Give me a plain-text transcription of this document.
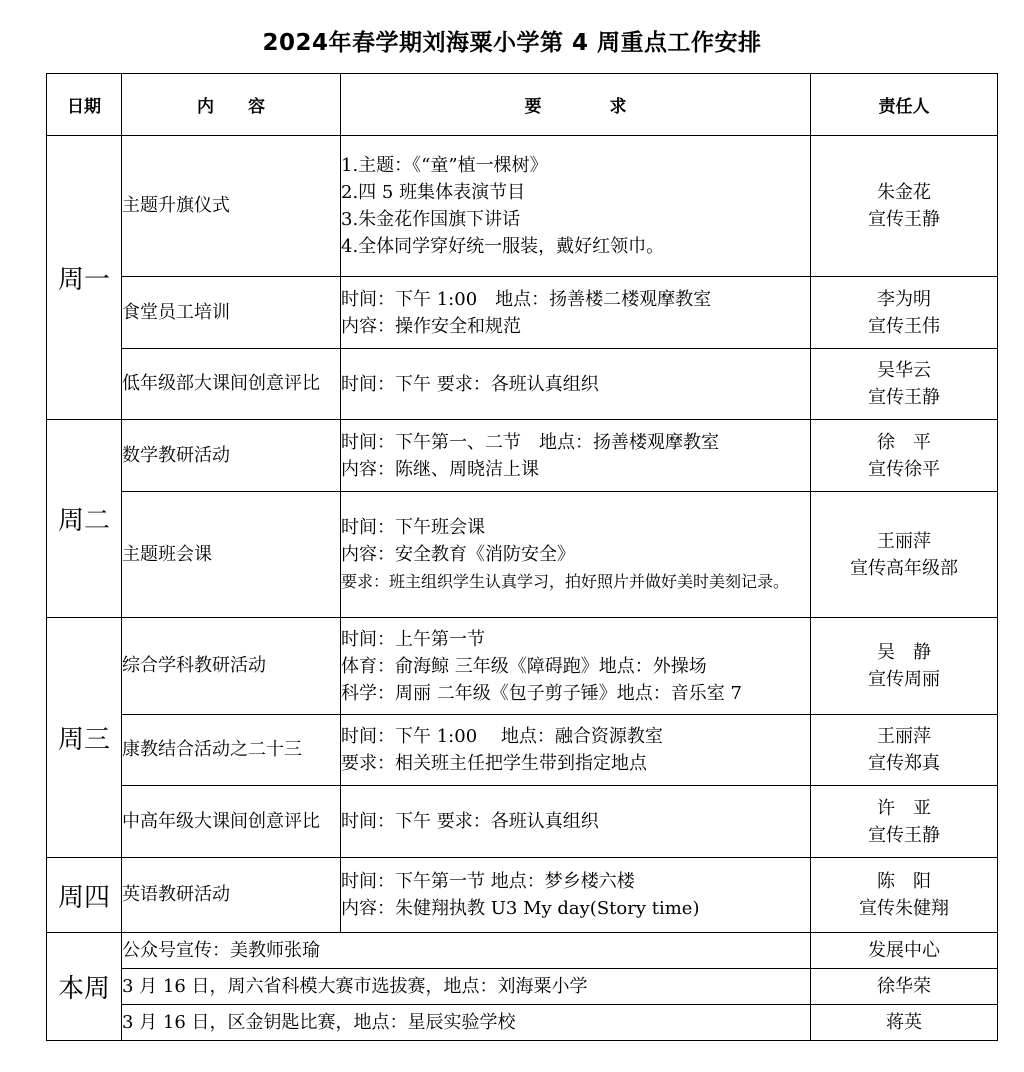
2024年春学期刘海粟小学第 4 周重点工作安排
日期	内　　容	要　　　　求	责任人
周一	主题升旗仪式	1.主题：《“童”植一棵树》
2.四 5 班集体表演节目
3.朱金花作国旗下讲话
4.全体同学穿好统一服装，戴好红领巾。	朱金花
宣传王静

	食堂员工培训	时间：下午 1:00　地点：扬善楼二楼观摩教室
内容：操作安全和规范	李为明
宣传王伟

	低年级部大课间创意评比	时间：下午 要求：各班认真组织	吴华云
宣传王静

周二	数学教研活动	时间：下午第一、二节　地点：扬善楼观摩教室
内容：陈继、周晓洁上课	徐　平
宣传徐平

	主题班会课	时间：下午班会课
内容：安全教育《消防安全》
要求：班主组织学生认真学习，拍好照片并做好美时美刻记录。	王丽萍
宣传高年级部

周三	综合学科教研活动	时间：上午第一节
体育：俞海鲸 三年级《障碍跑》地点：外操场
科学：周丽 二年级《包子剪子锤》地点：音乐室 7	吴　静
宣传周丽

	康教结合活动之二十三	时间：下午 1:00　 地点：融合资源教室
要求：相关班主任把学生带到指定地点	王丽萍
宣传郑真

	中高年级大课间创意评比	时间：下午 要求：各班认真组织	许　亚
宣传王静

周四	英语教研活动	时间：下午第一节 地点：梦乡楼六楼
内容：朱健翔执教 U3 My day(Story time)	陈　阳
宣传朱健翔

本周	公众号宣传：美教师张瑜		发展中心
	3 月 16 日，周六省科模大赛市选拔赛，地点：刘海粟小学		徐华荣
	3 月 16 日，区金钥匙比赛，地点：星辰实验学校		蒋英
